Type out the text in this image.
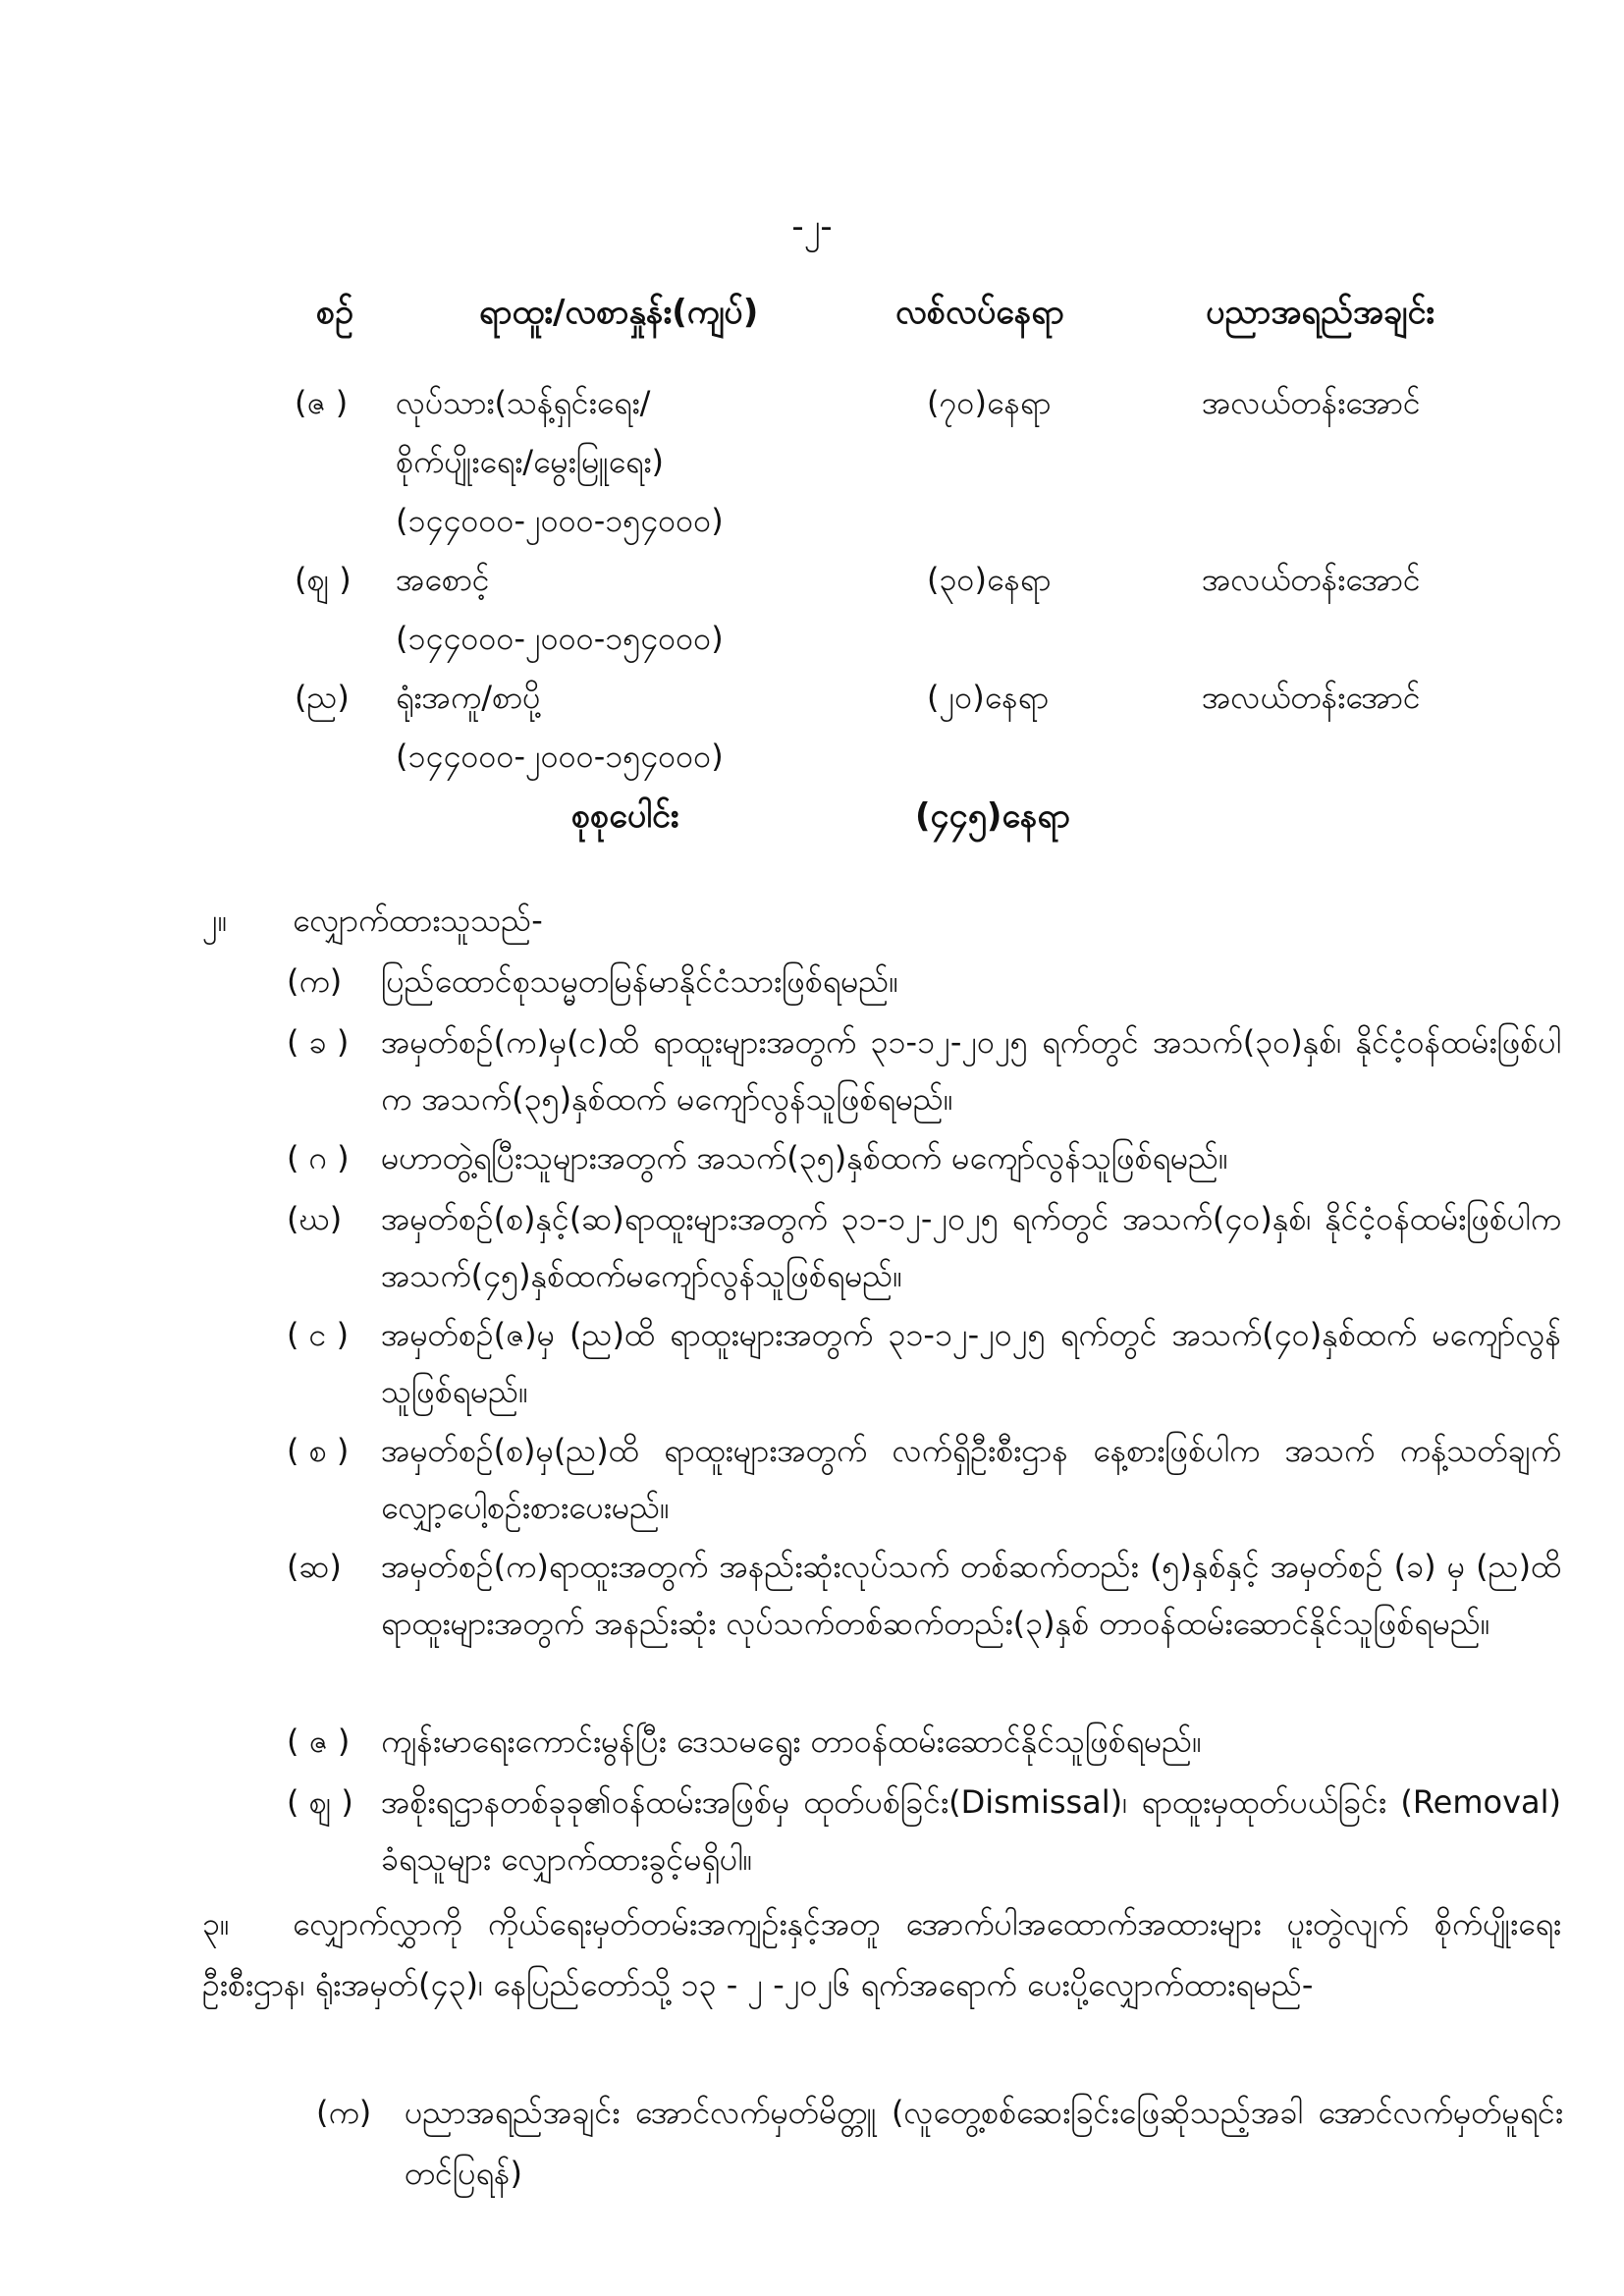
-၂-
စဉ်	ရာထူး/လစာနှုန်း(ကျပ်)	လစ်လပ်နေရာ	ပညာအရည်အချင်း
(ဇ ) လုပ်သား(သန့်ရှင်းရေး/
စိုက်ပျိုးရေး/မွေးမြူရေး)
(၁၄၄၀၀၀-၂၀၀၀-၁၅၄၀၀၀)
(၇၀)နေရာ	အလယ်တန်းအောင်
(ဈ ) အစောင့်
(၁၄၄၀၀၀-၂၀၀၀-၁၅၄၀၀၀)
(၃၀)နေရာ	အလယ်တန်းအောင်
(ည) ရုံးအကူ/စာပို့
(၁၄၄၀၀၀-၂၀၀၀-၁၅၄၀၀၀)
(၂၀)နေရာ	အလယ်တန်းအောင်
စုစုပေါင်း	(၄၄၅)နေရာ
၂။ လျှောက်ထားသူသည်-
(က) ပြည်ထောင်စုသမ္မတမြန်မာနိုင်ငံသားဖြစ်ရမည်။
( ခ ) အမှတ်စဉ်(က)မှ(င)ထိ ရာထူးများအတွက် ၃၁-၁၂-၂၀၂၅ ရက်တွင် အသက်(၃၀)နှစ်၊ နိုင်ငံ့ဝန်ထမ်းဖြစ်ပါက အသက်(၃၅)နှစ်ထက် မကျော်လွန်သူဖြစ်ရမည်။
( ဂ ) မဟာတွဲ့ရပြီးသူများအတွက် အသက်(၃၅)နှစ်ထက် မကျော်လွန်သူဖြစ်ရမည်။
(ဃ) အမှတ်စဉ်(စ)နှင့်(ဆ)ရာထူးများအတွက် ၃၁-၁၂-၂၀၂၅ ရက်တွင် အသက်(၄၀)နှစ်၊ နိုင်ငံ့ဝန်ထမ်းဖြစ်ပါက အသက်(၄၅)နှစ်ထက်မကျော်လွန်သူဖြစ်ရမည်။
( င ) အမှတ်စဉ်(ဇ)မှ (ည)ထိ ရာထူးများအတွက် ၃၁-၁၂-၂၀၂၅ ရက်တွင် အသက်(၄၀)နှစ်ထက် မကျော်လွန်သူဖြစ်ရမည်။
( စ ) အမှတ်စဉ်(စ)မှ(ည)ထိ ရာထူးများအတွက် လက်ရှိဦးစီးဌာန နေ့စားဖြစ်ပါက အသက် ကန့်သတ်ချက်လျှော့ပေါ့စဉ်းစားပေးမည်။
(ဆ) အမှတ်စဉ်(က)ရာထူးအတွက် အနည်းဆုံးလုပ်သက် တစ်ဆက်တည်း (၅)နှစ်နှင့် အမှတ်စဉ် (ခ) မှ (ည)ထိ ရာထူးများအတွက် အနည်းဆုံး လုပ်သက်တစ်ဆက်တည်း(၃)နှစ် တာဝန်ထမ်းဆောင်နိုင်သူဖြစ်ရမည်။
( ဇ ) ကျန်းမာရေးကောင်းမွန်ပြီး ဒေသမရွေး တာဝန်ထမ်းဆောင်နိုင်သူဖြစ်ရမည်။
( ဈ ) အစိုးရဌာနတစ်ခုခု၏ဝန်ထမ်းအဖြစ်မှ ထုတ်ပစ်ခြင်း(Dismissal)၊ ရာထူးမှထုတ်ပယ်ခြင်း (Removal) ခံရသူများ လျှောက်ထားခွင့်မရှိပါ။
၃။ လျှောက်လွှာကို ကိုယ်ရေးမှတ်တမ်းအကျဉ်းနှင့်အတူ အောက်ပါအထောက်အထားများ ပူးတွဲလျက် စိုက်ပျိုးရေးဦးစီးဌာန၊ ရုံးအမှတ်(၄၃)၊ နေပြည်တော်သို့ ၁၃ - ၂ -၂၀၂၆ ရက်အရောက် ပေးပို့လျှောက်ထားရမည်-
(က) ပညာအရည်အချင်း အောင်လက်မှတ်မိတ္တူ (လူတွေ့စစ်ဆေးခြင်းဖြေဆိုသည့်အခါ အောင်လက်မှတ်မူရင်းတင်ပြရန်)
